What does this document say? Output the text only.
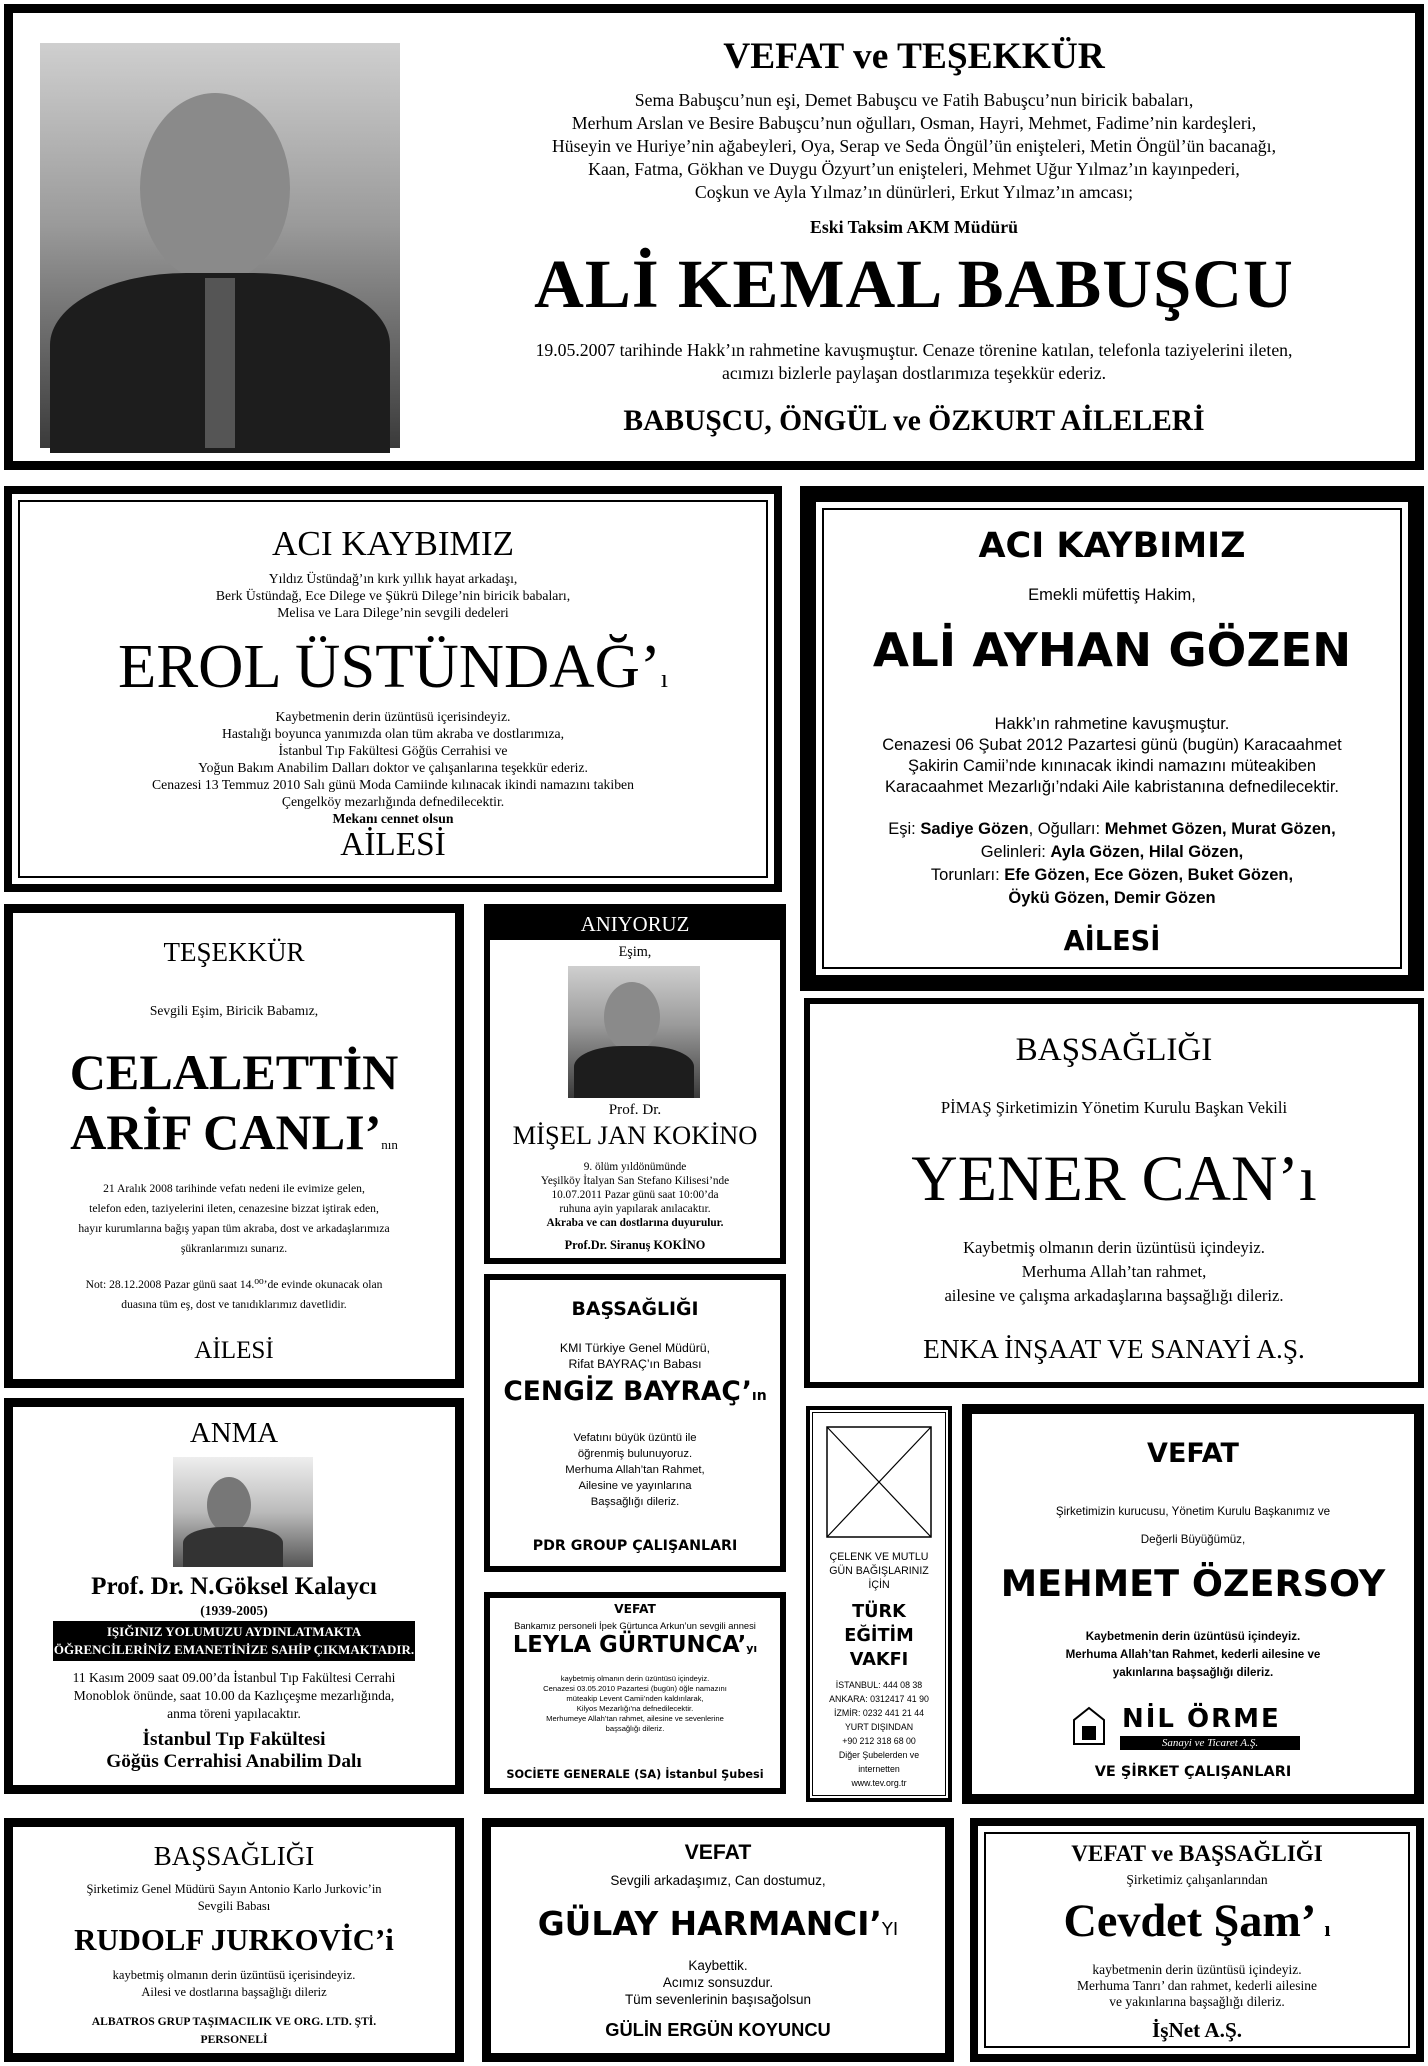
VEFAT ve TEŞEKKÜR
Sema Babuşcu’nun eşi, Demet Babuşcu ve Fatih Babuşcu’nun biricik babaları,
Merhum Arslan ve Besire Babuşcu’nun oğulları, Osman, Hayri, Mehmet, Fadime’nin kardeşleri,
Hüseyin ve Huriye’nin ağabeyleri, Oya, Serap ve Seda Öngül’ün enişteleri, Metin Öngül’ün bacanağı,
Kaan, Fatma, Gökhan ve Duygu Özyurt’un enişteleri, Mehmet Uğur Yılmaz’ın kayınpederi,
Coşkun ve Ayla Yılmaz’ın dünürleri, Erkut Yılmaz’ın amcası;
Eski Taksim AKM Müdürü
ALİ KEMAL BABUŞCU
19.05.2007 tarihinde Hakk’ın rahmetine kavuşmuştur. Cenaze törenine katılan, telefonla taziyelerini ileten,
acımızı bizlerle paylaşan dostlarımıza teşekkür ederiz.
BABUŞCU, ÖNGÜL ve ÖZKURT AİLELERİ
ACI KAYBIMIZ
Yıldız Üstündağ’ın kırk yıllık hayat arkadaşı,
Berk Üstündağ, Ece Dilege ve Şükrü Dilege’nin biricik babaları,
Melisa ve Lara Dilege’nin sevgili dedeleri
EROL ÜSTÜNDAĞ’ı
Kaybetmenin derin üzüntüsü içerisindeyiz.
Hastalığı boyunca yanımızda olan tüm akraba ve dostlarımıza,
İstanbul Tıp Fakültesi Göğüs Cerrahisi ve
Yoğun Bakım Anabilim Dalları doktor ve çalışanlarına teşekkür ederiz.
Cenazesi 13 Temmuz 2010 Salı günü Moda Camiinde kılınacak ikindi namazını takiben
Çengelköy mezarlığında defnedilecektir.
Mekanı cennet olsun
AİLESİ
ACI KAYBIMIZ
Emekli müfettiş Hakim,
ALİ AYHAN GÖZEN
Hakk’ın rahmetine kavuşmuştur.
Cenazesi 06 Şubat 2012 Pazartesi günü (bugün) Karacaahmet
Şakirin Camii’nde kınınacak ikindi namazını müteakiben
Karacaahmet Mezarlığı’ndaki Aile kabristanına defnedilecektir.
Eşi: Sadiye Gözen, Oğulları: Mehmet Gözen, Murat Gözen,
Gelinleri: Ayla Gözen, Hilal Gözen,
Torunları: Efe Gözen, Ece Gözen, Buket Gözen,
Öykü Gözen, Demir Gözen
AİLESİ
TEŞEKKÜR
Sevgili Eşim, Biricik Babamız,
CELALETTİN
ARİF CANLI’nın
21 Aralık 2008 tarihinde vefatı nedeni ile evimize gelen,
telefon eden, taziyelerini ileten, cenazesine bizzat iştirak eden,
hayır kurumlarına bağış yapan tüm akraba, dost ve arkadaşlarımıza
şükranlarımızı sunarız.
Not: 28.12.2008 Pazar günü saat 14.⁰⁰’de evinde okunacak olan
duasına tüm eş, dost ve tanıdıklarımız davetlidir.
AİLESİ
ANIYORUZ
Eşim,
Prof. Dr.
MİŞEL JAN KOKİNO
9. ölüm yıldönümünde
Yeşilköy İtalyan San Stefano Kilisesi’nde
10.07.2011 Pazar günü saat 10:00’da
ruhuna ayin yapılarak anılacaktır.
Akraba ve can dostlarına duyurulur.
Prof.Dr. Siranuş KOKİNO
BAŞSAĞLIĞI
PİMAŞ Şirketimizin Yönetim Kurulu Başkan Vekili
YENER CAN’ı
Kaybetmiş olmanın derin üzüntüsü içindeyiz.
Merhuma Allah’tan rahmet,
ailesine ve çalışma arkadaşlarına başsağlığı dileriz.
ENKA İNŞAAT VE SANAYİ A.Ş.
BAŞSAĞLIĞI
KMI Türkiye Genel Müdürü,
Rifat BAYRAÇ’ın Babası
CENGİZ BAYRAÇ’ın
Vefatını büyük üzüntü ile
öğrenmiş bulunuyoruz.
Merhuma Allah’tan Rahmet,
Ailesine ve yayınlarına
Başsağlığı dileriz.
PDR GROUP ÇALIŞANLARI
ANMA
Prof. Dr. N.Göksel Kalaycı
(1939-2005)
IŞIĞINIZ YOLUMUZU AYDINLATMAKTA
ÖĞRENCİLERİNİZ EMANETİNİZE SAHİP ÇIKMAKTADIR.
11 Kasım 2009 saat 09.00’da İstanbul Tıp Fakültesi Cerrahi
Monoblok önünde, saat 10.00 da Kazlıçeşme mezarlığında,
anma töreni yapılacaktır.
İstanbul Tıp Fakültesi
Göğüs Cerrahisi Anabilim Dalı
VEFAT
Bankamız personeli İpek Gürtunca Arkun’un sevgili annesi
LEYLA GÜRTUNCA’yı
kaybetmiş olmanın derin üzüntüsü içindeyiz.
Cenazesi 03.05.2010 Pazartesi (bugün) öğle namazını
müteakip Levent Camii’nden kaldırılarak,
Kilyos Mezarlığı’na defnedilecektir.
Merhumeye Allah’tan rahmet, ailesine ve sevenlerine
başsağlığı dileriz.
SOCİETE GENERALE (SA) İstanbul Şubesi
ÇELENK VE MUTLU
GÜN BAĞIŞLARINIZ
İÇİN
TÜRK
EĞİTİM
VAKFI
İSTANBUL: 444 08 38
ANKARA: 0312417 41 90
İZMİR: 0232 441 21 44
YURT DIŞINDAN
+90 212 318 68 00
Diğer Şubelerden ve
internetten
www.tev.org.tr
VEFAT
Şirketimizin kurucusu, Yönetim Kurulu Başkanımız ve
Değerli Büyüğümüz,
MEHMET ÖZERSOY
Kaybetmenin derin üzüntüsü içindeyiz.
Merhuma Allah’tan Rahmet, kederli ailesine ve
yakınlarına başsağlığı dileriz.
NİL ÖRME
Sanayi ve Ticaret A.Ş.
VE ŞİRKET ÇALIŞANLARI
BAŞSAĞLIĞI
Şirketimiz Genel Müdürü Sayın Antonio Karlo Jurkovic’in
Sevgili Babası
RUDOLF JURKOVİC’i
kaybetmiş olmanın derin üzüntüsü içerisindeyiz.
Ailesi ve dostlarına başsağlığı dileriz
ALBATROS GRUP TAŞIMACILIK VE ORG. LTD. ŞTİ.
PERSONELİ
VEFAT
Sevgili arkadaşımız, Can dostumuz,
GÜLAY HARMANCI’YI
Kaybettik.
Acımız sonsuzdur.
Tüm sevenlerinin başısağolsun
GÜLİN ERGÜN KOYUNCU
VEFAT ve BAŞSAĞLIĞI
Şirketimiz çalışanlarından
Cevdet Şam’ ı
kaybetmenin derin üzüntüsü içindeyiz.
Merhuma Tanrı’ dan rahmet, kederli ailesine
ve yakınlarına başsağlığı dileriz.
İşNet A.Ş.
